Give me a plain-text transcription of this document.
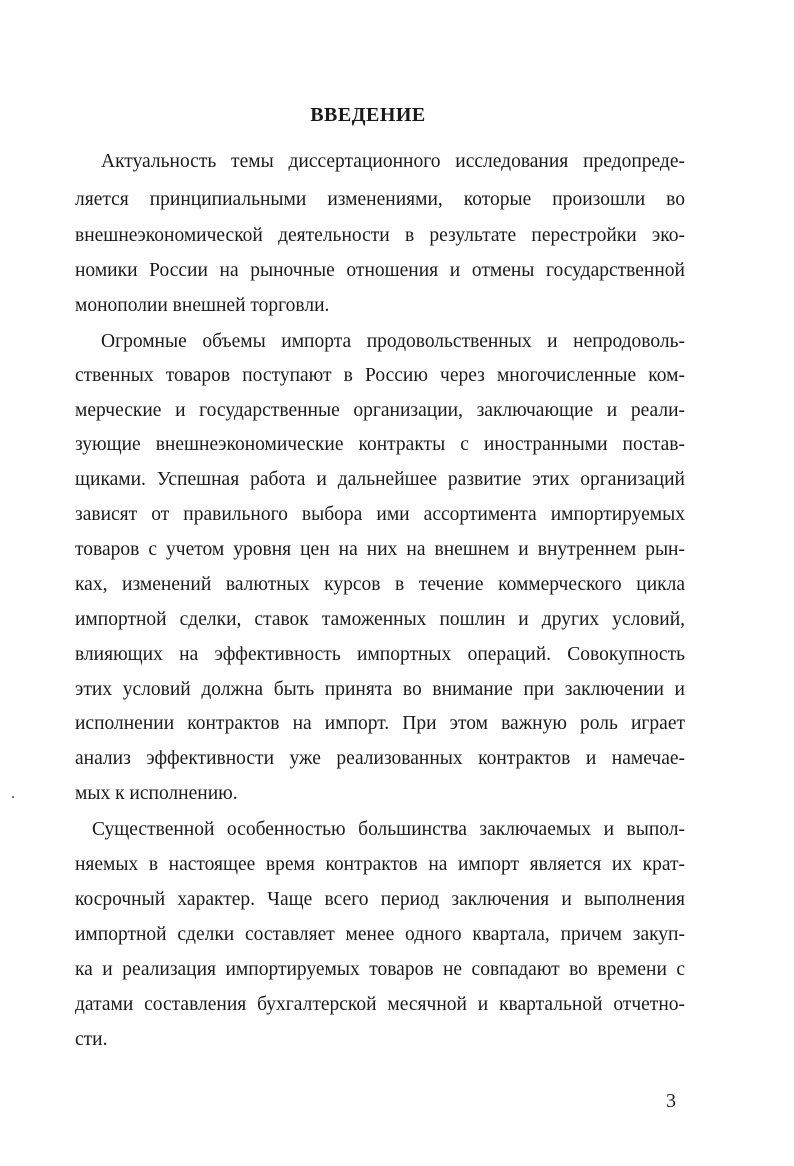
ВВЕДЕНИЕ
Актуальность темы диссертационного исследования предопреде-
ляется принципиальными изменениями, которые произошли во
внешнеэкономической деятельности в результате перестройки эко-
номики России на рыночные отношения и отмены государственной
монополии внешней торговли.
Огромные объемы импорта продовольственных и непродоволь-
ственных товаров поступают в Россию через многочисленные ком-
мерческие и государственные организации, заключающие и реали-
зующие внешнеэкономические контракты с иностранными постав-
щиками. Успешная работа и дальнейшее развитие этих организаций
зависят от правильного выбора ими ассортимента импортируемых
товаров с учетом уровня цен на них на внешнем и внутреннем рын-
ках, изменений валютных курсов в течение коммерческого цикла
импортной сделки, ставок таможенных пошлин и других условий,
влияющих на эффективность импортных операций. Совокупность
этих условий должна быть принята во внимание при заключении и
исполнении контрактов на импорт. При этом важную роль играет
анализ эффективности уже реализованных контрактов и намечае-
мых к исполнению.
Существенной особенностью большинства заключаемых и выпол-
няемых в настоящее время контрактов на импорт является их крат-
косрочный характер. Чаще всего период заключения и выполнения
импортной сделки составляет менее одного квартала, причем закуп-
ка и реализация импортируемых товаров не совпадают во времени с
датами составления бухгалтерской месячной и квартальной отчетно-
сти.
3
